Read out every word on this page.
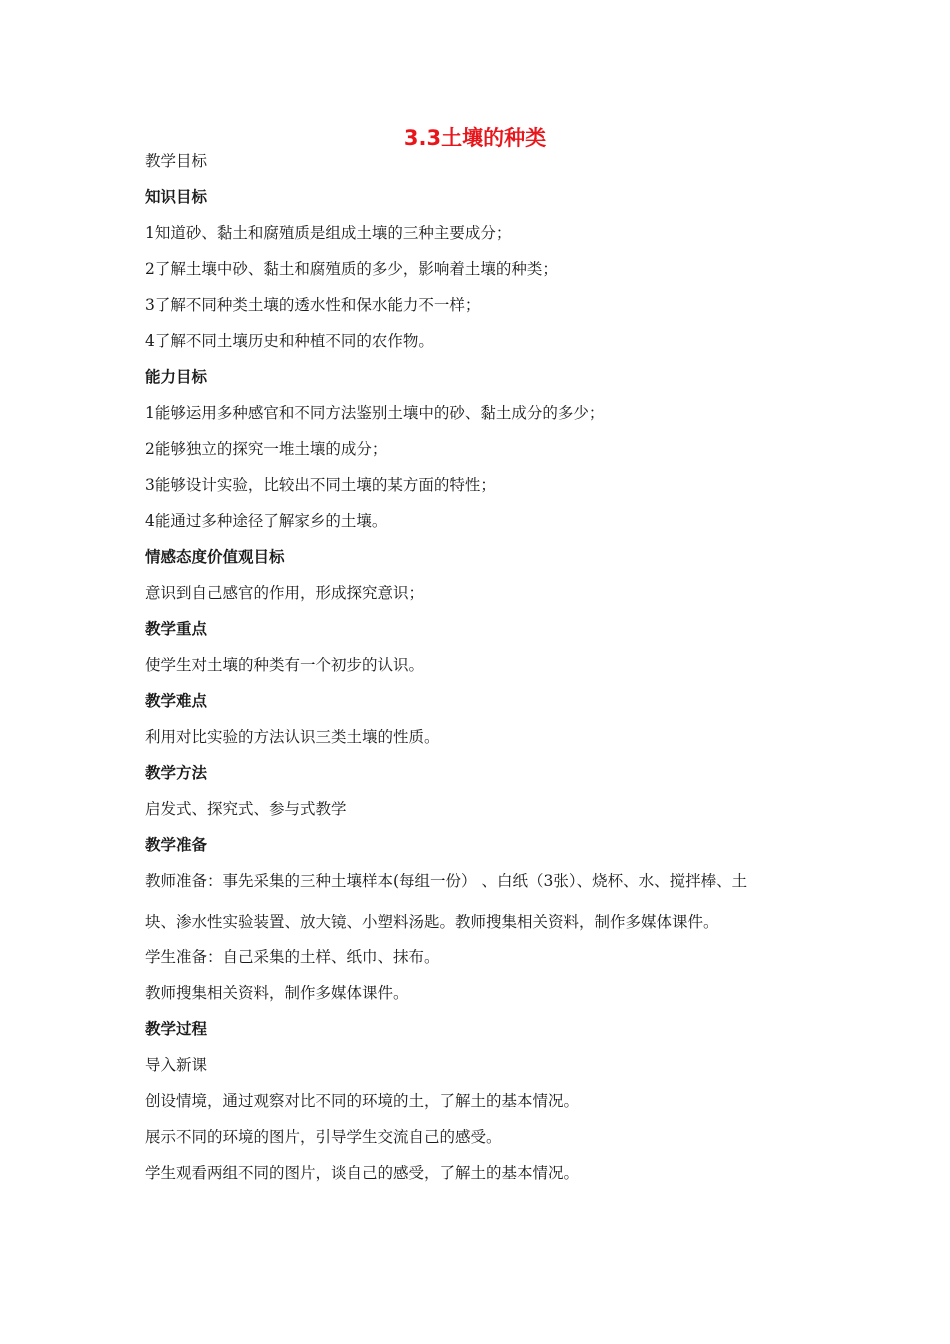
3.3土壤的种类
教学目标
知识目标
1知道砂、黏土和腐殖质是组成土壤的三种主要成分；
2了解土壤中砂、黏土和腐殖质的多少，影响着土壤的种类；
3了解不同种类土壤的透水性和保水能力不一样；
4了解不同土壤历史和种植不同的农作物。
能力目标
1能够运用多种感官和不同方法鉴别土壤中的砂、黏土成分的多少；
2能够独立的探究一堆土壤的成分；
3能够设计实验，比较出不同土壤的某方面的特性；
4能通过多种途径了解家乡的土壤。
情感态度价值观目标
意识到自己感官的作用，形成探究意识；
教学重点
使学生对土壤的种类有一个初步的认识。
教学难点
利用对比实验的方法认识三类土壤的性质。
教学方法
启发式、探究式、参与式教学
教学准备
教师准备：事先采集的三种土壤样本(每组一份） 、白纸（3张）、烧杯、水、搅拌棒、土
块、渗水性实验装置、放大镜、小塑料汤匙。教师搜集相关资料，制作多媒体课件。
学生准备：自己采集的土样、纸巾、抹布。
教师搜集相关资料，制作多媒体课件。
教学过程
导入新课
创设情境，通过观察对比不同的环境的土，了解土的基本情况。
展示不同的环境的图片，引导学生交流自己的感受。
学生观看两组不同的图片，谈自己的感受，了解土的基本情况。
